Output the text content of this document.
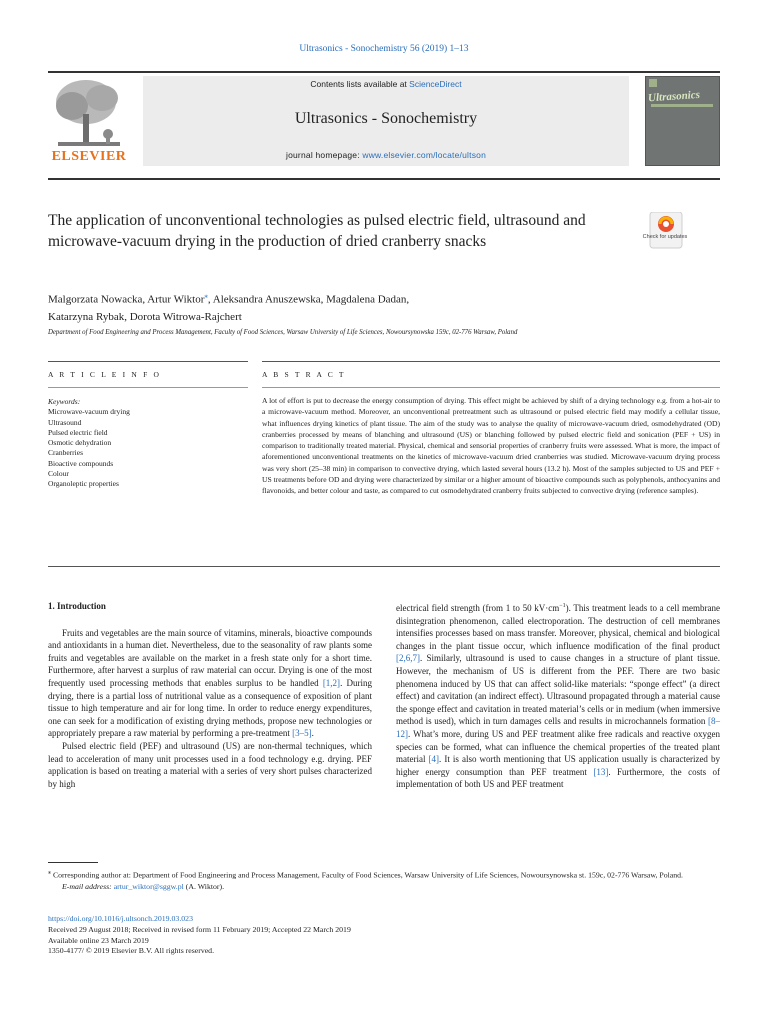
Ultrasonics - Sonochemistry 56 (2019) 1–13
ELSEVIER
Contents lists available at ScienceDirect
Ultrasonics - Sonochemistry
journal homepage: www.elsevier.com/locate/ultson
Ultrasonics
The application of unconventional technologies as pulsed electric field, ultrasound and microwave-vacuum drying in the production of dried cranberry snacks	Check for updates
Malgorzata Nowacka, Artur Wiktor⁎, Aleksandra Anuszewska, Magdalena Dadan,
Katarzyna Rybak, Dorota Witrowa-Rajchert
Department of Food Engineering and Process Management, Faculty of Food Sciences, Warsaw University of Life Sciences, Nowoursynowska 159c, 02-776 Warsaw, Poland
A R T I C L E I N F O	A B S T R A C T
Keywords:
Microwave-vacuum drying
Ultrasound
Pulsed electric field
Osmotic dehydration
Cranberries
Bioactive compounds
Colour
Organoleptic properties
A lot of effort is put to decrease the energy consumption of drying. This effect might be achieved by shift of a drying technology e.g. from a hot-air to a microwave-vacuum method. Moreover, an unconventional pretreatment such as ultrasound or pulsed electric field may modify a cellular tissue, what influences drying kinetics of plant tissue. The aim of the study was to analyse the quality of microwave-vacuum dried, osmodehydrated (OD) cranberries processed by means of blanching and ultrasound (US) or blanching followed by pulsed electric field and sonication (PEF + US) in comparison to traditionally treated material. Physical, chemical and sensorial properties of cranberry fruits were assessed. What is more, the impact of aforementioned unconventional treatments on the kinetics of microwave-vacuum dried cranberries was studied. Microwave-vacuum drying process was very short (25–38 min) in comparison to convective drying, which lasted several hours (13.2 h). Most of the samples subjected to US and PEF + US treatments before OD and drying were characterized by similar or a higher amount of bioactive compounds such as polyphenols, anthocyanins and flavonoids, and better colour and taste, as compared to cut osmodehydrated cranberry fruits subjected to convective drying (reference samples).
1. Introduction

Fruits and vegetables are the main source of vitamins, minerals, bioactive compounds and antioxidants in a human diet. Nevertheless, due to the seasonality of raw plants some fruits and vegetables are available on the market in a fresh state only for a short time. Furthermore, after harvest a surplus of raw material can occur. Drying is one of the most frequently used processing methods that enables surplus to be handled [1,2]. During drying, there is a partial loss of nutritional value as a consequence of exposition of plant tissue to high temperature and air for long time. In order to reduce energy expenditures, one can seek for a modification of existing drying methods, propose new technologies or appropriately prepare a raw material by performing a pre-treatment [3–5].

Pulsed electric field (PEF) and ultrasound (US) are non-thermal techniques, which lead to acceleration of many unit processes used in a food technology e.g. drying. PEF application is based on treating a material with a series of very short pulses characterized by high

electrical field strength (from 1 to 50 $kV\cdot cm^{-1}$). This treatment leads to a cell membrane disintegration phenomenon, called electroporation. The destruction of cell membranes intensifies processes based on mass transfer. Moreover, physical, chemical and biological changes in the plant tissue occur, which influence modification of the final product [2,6,7]. Similarly, ultrasound is used to cause changes in a structure of plant tissue. However, the mechanism of US is different from the PEF. There are two basic phenomena induced by US that can affect solid-like materials: “sponge effect” (a direct effect) and cavitation (an indirect effect). Ultrasound propagated through a material cause the sponge effect and cavitation in treated material’s cells or in medium (when immersive method is used), which in turn damages cells and results in microchannels formation [8–12]. What’s more, during US and PEF treatment alike free radicals and reactive oxygen species can be formed, what can influence the chemical properties of the treated plant material [4]. It is also worth mentioning that US application usually is characterized by higher energy consumption than PEF treatment [13]. Furthermore, the costs of implementation of both US and PEF treatment

⁎ Corresponding author at: Department of Food Engineering and Process Management, Faculty of Food Sciences, Warsaw University of Life Sciences, Nowoursynowska st. 159c, 02-776 Warsaw, Poland.
E-mail address: artur_wiktor@sggw.pl (A. Wiktor).
https://doi.org/10.1016/j.ultsonch.2019.03.023
Received 29 August 2018; Received in revised form 11 February 2019; Accepted 22 March 2019
Available online 23 March 2019
1350-4177/ © 2019 Elsevier B.V. All rights reserved.
